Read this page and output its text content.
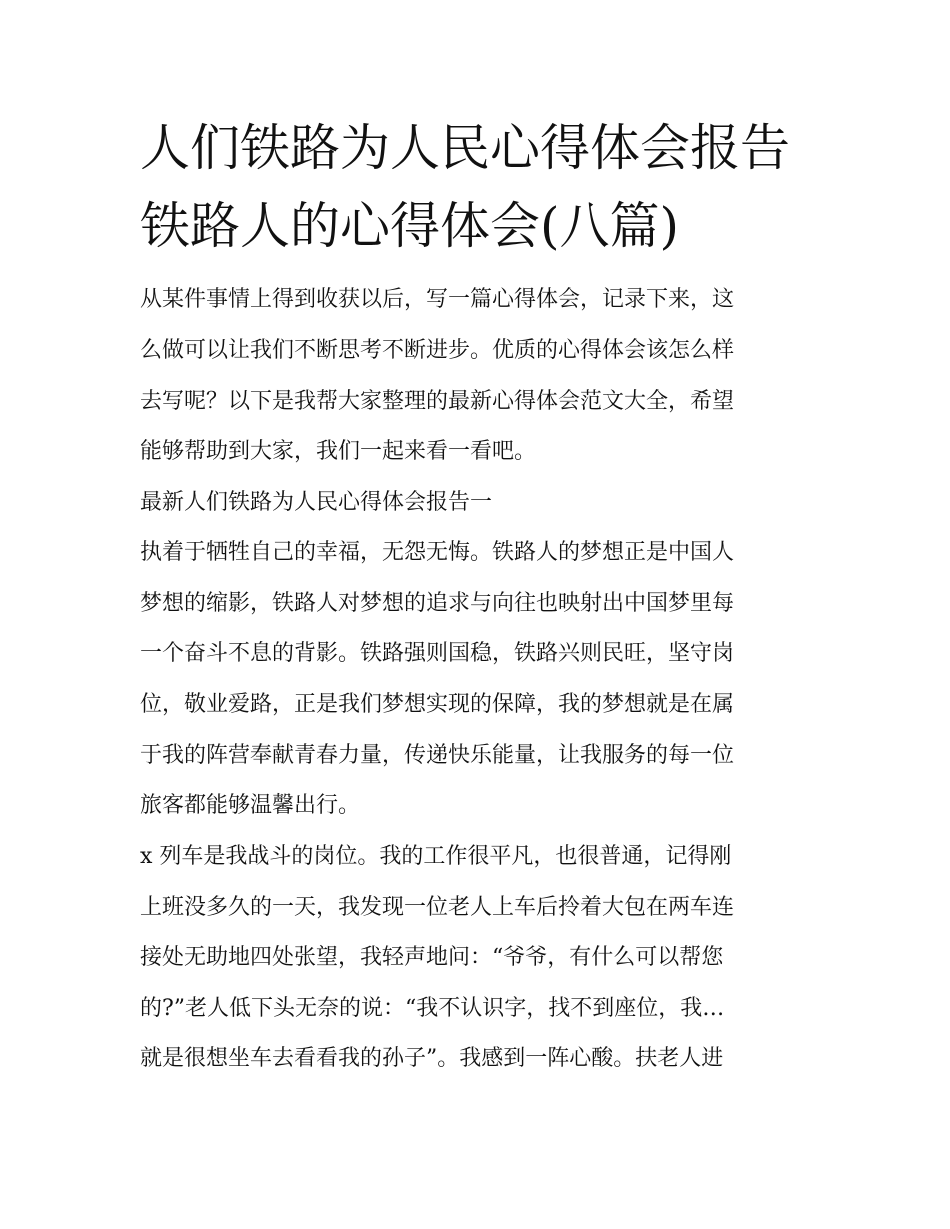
人们铁路为人民心得体会报告
铁路人的心得体会(八篇)
从某件事情上得到收获以后，写一篇心得体会，记录下来，这
么做可以让我们不断思考不断进步。优质的心得体会该怎么样
去写呢？以下是我帮大家整理的最新心得体会范文大全，希望
能够帮助到大家，我们一起来看一看吧。
最新人们铁路为人民心得体会报告一
执着于牺牲自己的幸福，无怨无悔。铁路人的梦想正是中国人
梦想的缩影，铁路人对梦想的追求与向往也映射出中国梦里每
一个奋斗不息的背影。铁路强则国稳，铁路兴则民旺，坚守岗
位，敬业爱路，正是我们梦想实现的保障，我的梦想就是在属
于我的阵营奉献青春力量，传递快乐能量，让我服务的每一位
旅客都能够温馨出行。
x 列车是我战斗的岗位。我的工作很平凡，也很普通，记得刚
上班没多久的一天，我发现一位老人上车后拎着大包在两车连
接处无助地四处张望，我轻声地问：“爷爷，有什么可以帮您
的?”老人低下头无奈的说：“我不认识字，找不到座位，我…
就是很想坐车去看看我的孙子”。我感到一阵心酸。扶老人进
